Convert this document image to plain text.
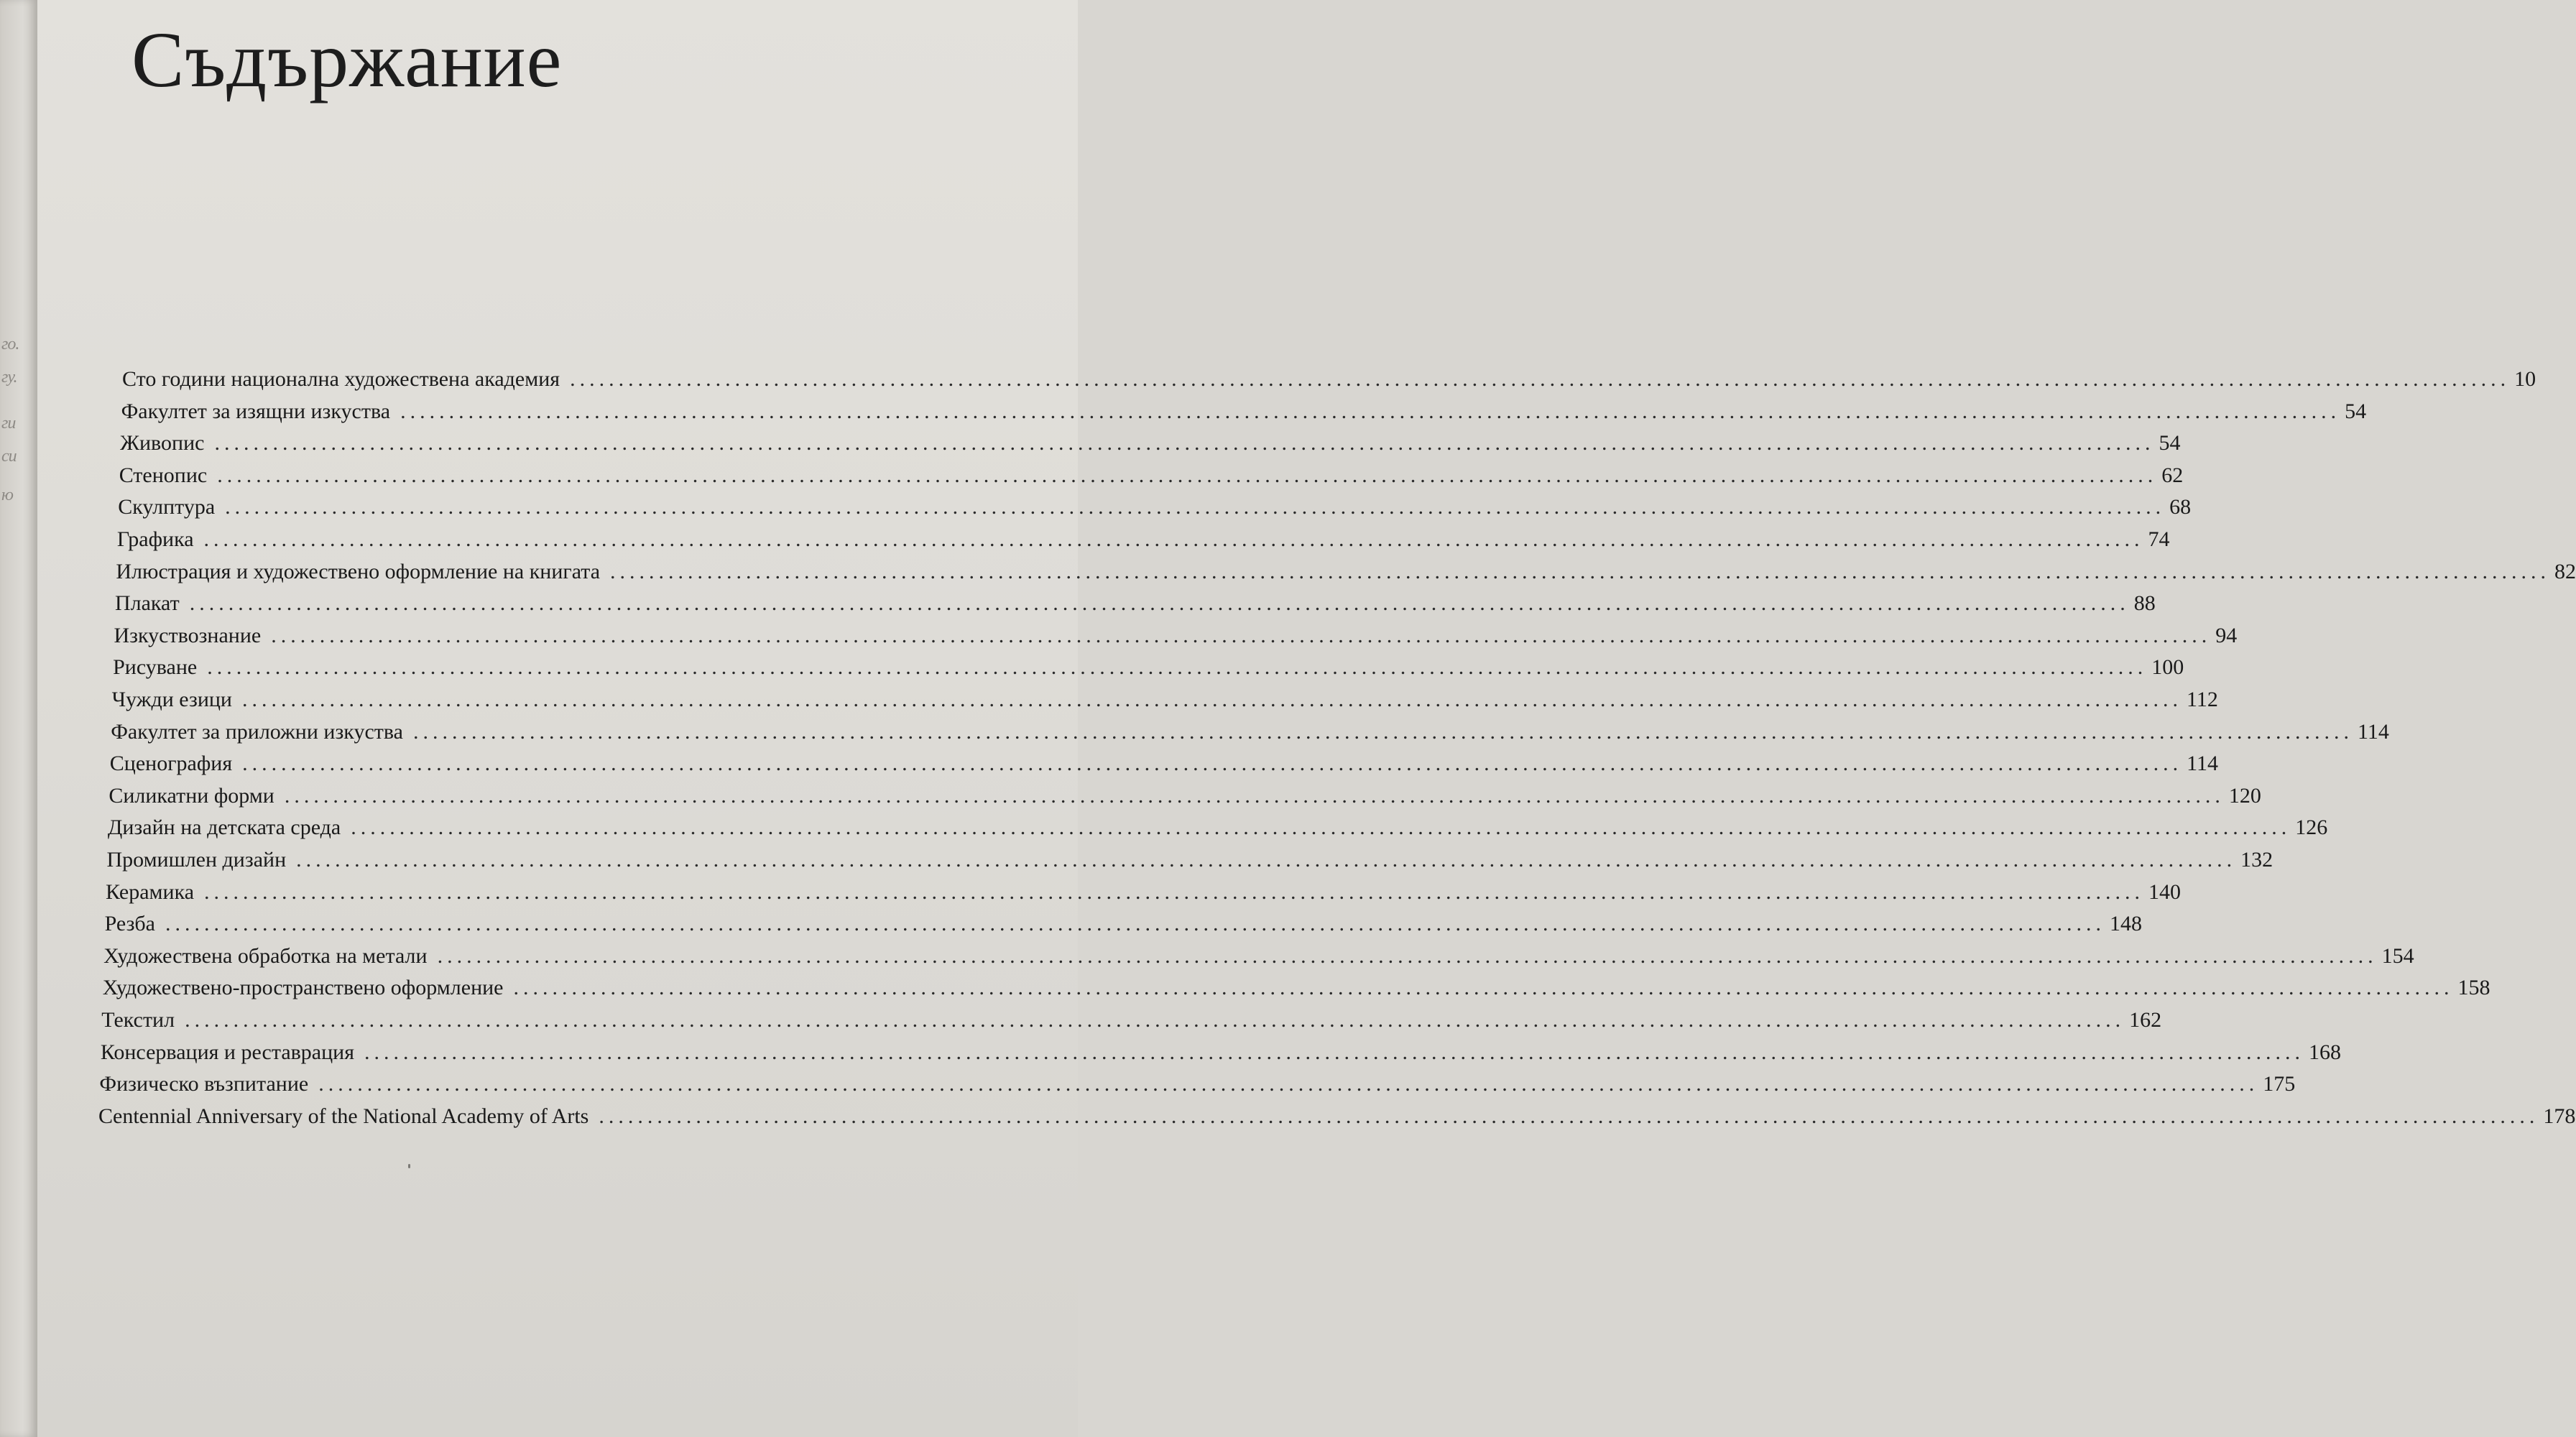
го.
гу.
ги
си
ю
Съдържание
Сто години национална художествена академия ........................................................................................................................................................................................................ 10
Факултет за изящни изкуства ........................................................................................................................................................................................................ 54
Живопис ........................................................................................................................................................................................................ 54
Стенопис ........................................................................................................................................................................................................ 62
Скулптура ........................................................................................................................................................................................................ 68
Графика ........................................................................................................................................................................................................ 74
Илюстрация и художествено оформление на книгата ........................................................................................................................................................................................................ 82
Плакат ........................................................................................................................................................................................................ 88
Изкуствознание ........................................................................................................................................................................................................ 94
Рисуване ........................................................................................................................................................................................................ 100
Чужди езици ........................................................................................................................................................................................................ 112
Факултет за приложни изкуства ........................................................................................................................................................................................................ 114
Сценография ........................................................................................................................................................................................................ 114
Силикатни форми ........................................................................................................................................................................................................ 120
Дизайн на детската среда ........................................................................................................................................................................................................ 126
Промишлен дизайн ........................................................................................................................................................................................................ 132
Керамика ........................................................................................................................................................................................................ 140
Резба ........................................................................................................................................................................................................ 148
Художествена обработка на метали ........................................................................................................................................................................................................ 154
Художествено-пространствено оформление ........................................................................................................................................................................................................ 158
Текстил ........................................................................................................................................................................................................ 162
Консервация и реставрация ........................................................................................................................................................................................................ 168
Физическо възпитание ........................................................................................................................................................................................................ 175
Centennial Anniversary of the National Academy of Arts ........................................................................................................................................................................................................ 178
